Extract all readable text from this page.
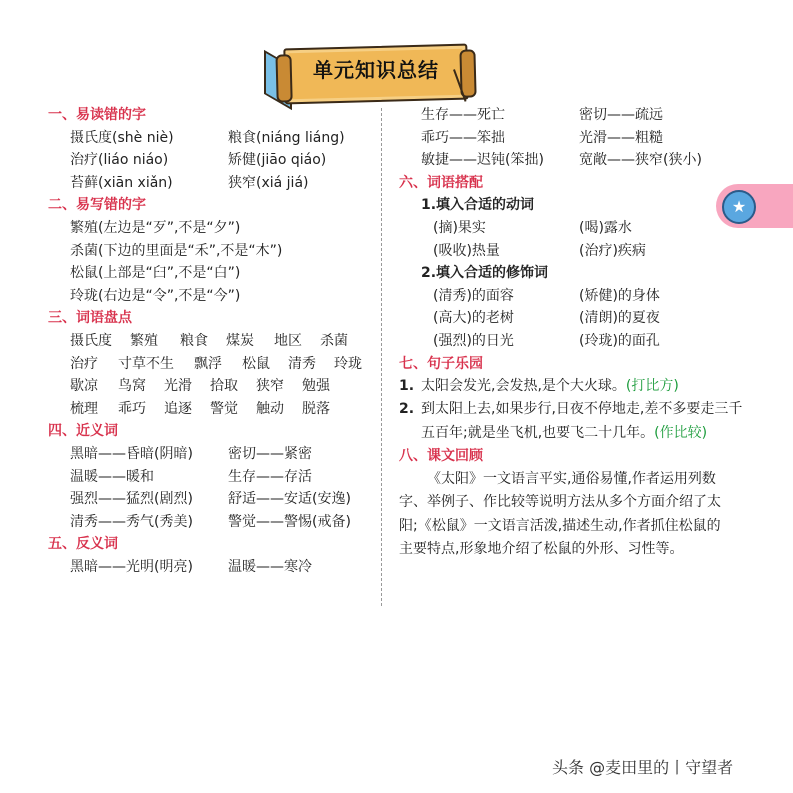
单元知识总结
一、易读错的字
摄氏度(shè niè)	粮食(niáng liáng)
治疗(liáo niáo)	矫健(jiāo qiáo)
苔藓(xiān xiǎn)	狭窄(xiá jiá)
二、易写错的字
繁殖(左边是“歹”,不是“夕”)
杀菌(下边的里面是“禾”,不是“木”)
松鼠(上部是“臼”,不是“白”)
玲珑(右边是“令”,不是“今”)
三、词语盘点
摄氏度 繁殖 粮食 煤炭 地区 杀菌
治疗 寸草不生 飘浮 松鼠 清秀 玲珑
歇凉 鸟窝 光滑 拾取 狭窄 勉强
梳理 乖巧 追逐 警觉 触动 脱落
四、近义词
黑暗——昏暗(阴暗)	密切——紧密
温暖——暖和	生存——存活
强烈——猛烈(剧烈)	舒适——安适(安逸)
清秀——秀气(秀美)	警觉——警惕(戒备)
五、反义词
黑暗——光明(明亮)	温暖——寒冷
生存——死亡	密切——疏远
乖巧——笨拙	光滑——粗糙
敏捷——迟钝(笨拙)	宽敞——狭窄(狭小)
六、词语搭配
1.填入合适的动词
(摘)果实	(喝)露水
(吸收)热量	(治疗)疾病
2.填入合适的修饰词
(清秀)的面容	(矫健)的身体
(高大)的老树	(清朗)的夏夜
(强烈)的日光	(玲珑)的面孔
七、句子乐园
1. 太阳会发光,会发热,是个大火球。(打比方)
2. 到太阳上去,如果步行,日夜不停地走,差不多要走三千五百年;就是坐飞机,也要飞二十几年。(作比较)
八、课文回顾
《太阳》一文语言平实,通俗易懂,作者运用列数字、举例子、作比较等说明方法从多个方面介绍了太阳;《松鼠》一文语言活泼,描述生动,作者抓住松鼠的主要特点,形象地介绍了松鼠的外形、习性等。
★
头条 @麦田里的丨守望者
